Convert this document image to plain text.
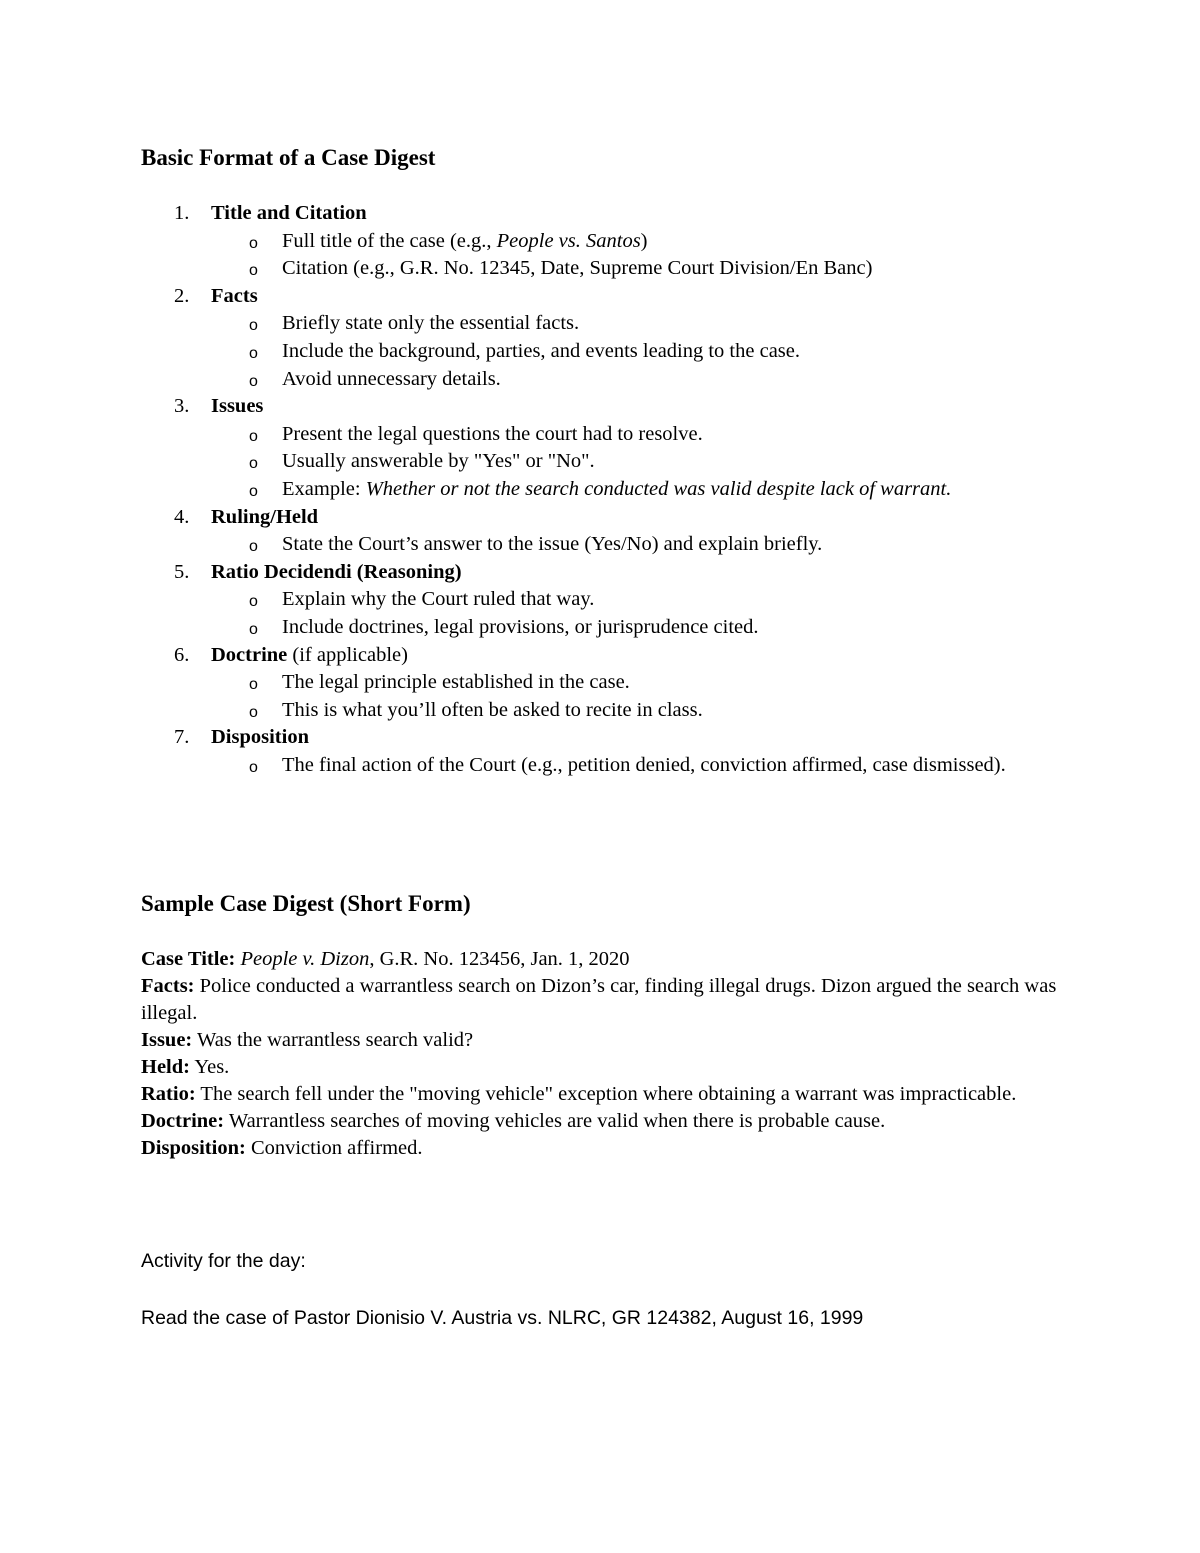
Basic Format of a Case Digest
1. Title and Citation
o Full title of the case (e.g., People vs. Santos)
o Citation (e.g., G.R. No. 12345, Date, Supreme Court Division/En Banc)
2. Facts
o Briefly state only the essential facts.
o Include the background, parties, and events leading to the case.
o Avoid unnecessary details.
3. Issues
o Present the legal questions the court had to resolve.
o Usually answerable by "Yes" or "No".
o Example: Whether or not the search conducted was valid despite lack of warrant.
4. Ruling/Held
o State the Court’s answer to the issue (Yes/No) and explain briefly.
5. Ratio Decidendi (Reasoning)
o Explain why the Court ruled that way.
o Include doctrines, legal provisions, or jurisprudence cited.
6. Doctrine (if applicable)
o The legal principle established in the case.
o This is what you’ll often be asked to recite in class.
7. Disposition
o The final action of the Court (e.g., petition denied, conviction affirmed, case dismissed).
Sample Case Digest (Short Form)

Case Title: People v. Dizon, G.R. No. 123456, Jan. 1, 2020

Facts: Police conducted a warrantless search on Dizon’s car, finding illegal drugs. Dizon argued the search was illegal.

Issue: Was the warrantless search valid?

Held: Yes.

Ratio: The search fell under the "moving vehicle" exception where obtaining a warrant was impracticable.

Doctrine: Warrantless searches of moving vehicles are valid when there is probable cause.

Disposition: Conviction affirmed.

Activity for the day:

Read the case of Pastor Dionisio V. Austria vs. NLRC, GR 124382, August 16, 1999
